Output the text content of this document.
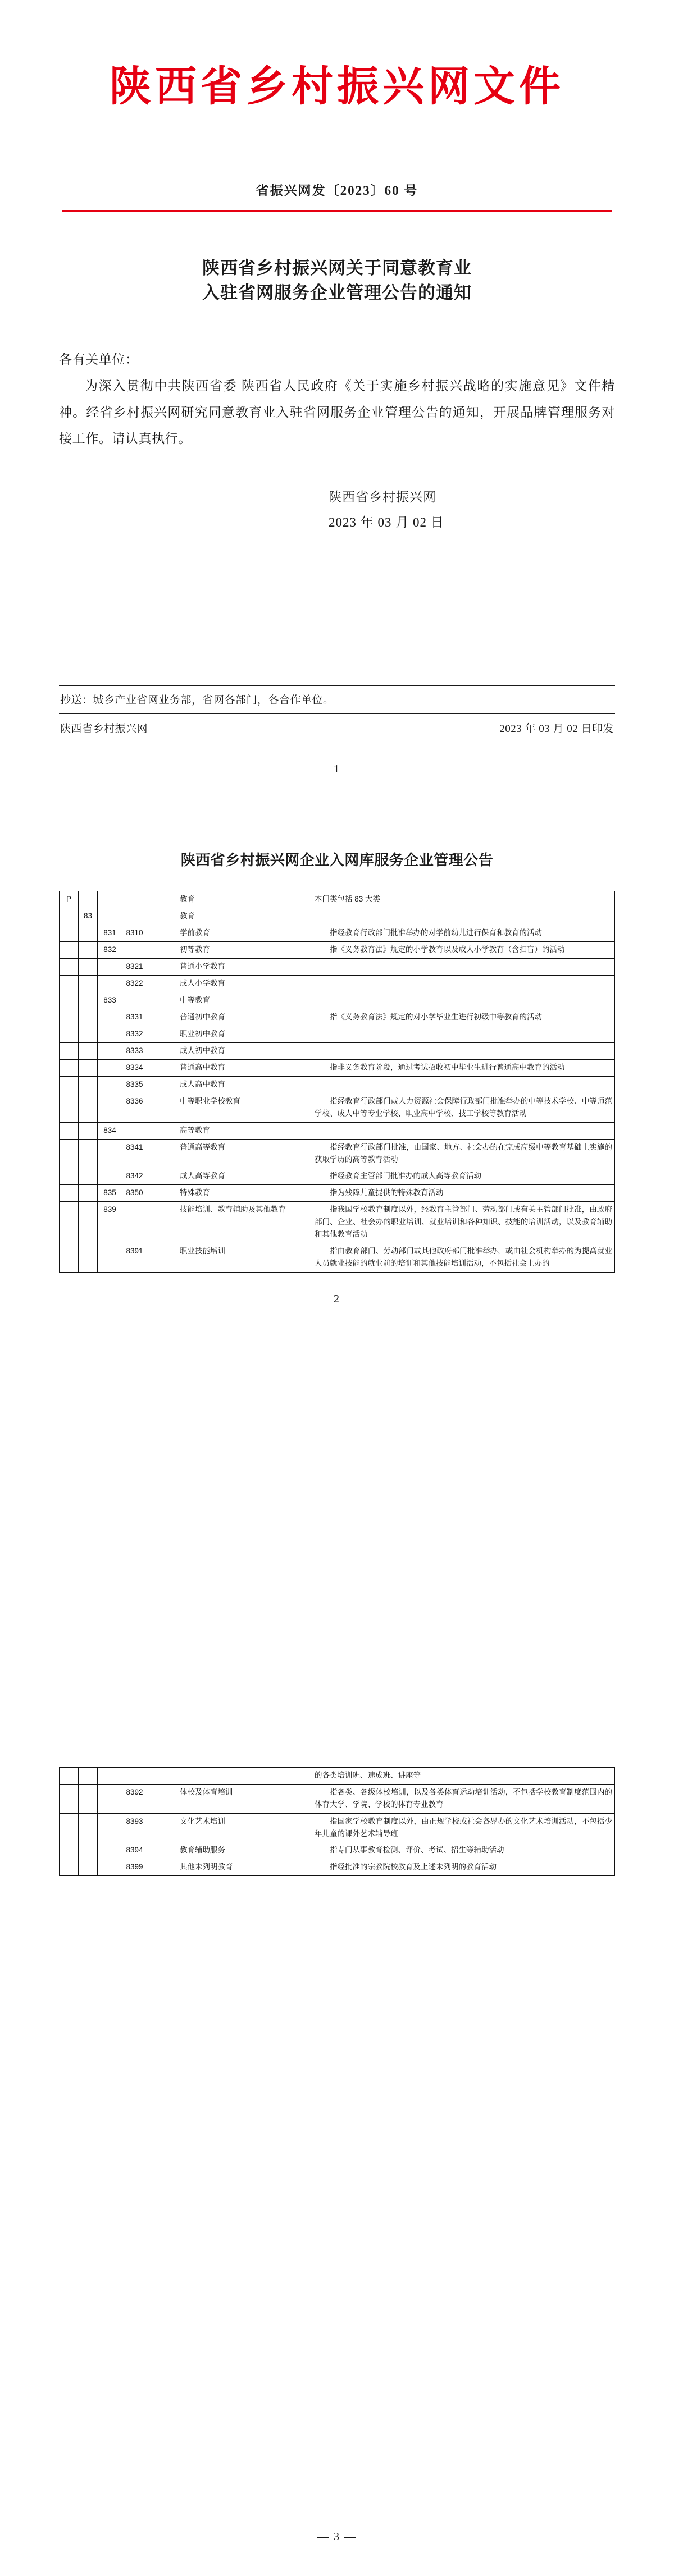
陕西省乡村振兴网文件
省振兴网发〔2023〕60 号
陕西省乡村振兴网关于同意教育业
入驻省网服务企业管理公告的通知
各有关单位：
为深入贯彻中共陕西省委 陕西省人民政府《关于实施乡村振兴战略的实施意见》文件精神。经省乡村振兴网研究同意教育业入驻省网服务企业管理公告的通知，开展品牌管理服务对接工作。请认真执行。
陕西省乡村振兴网
2023 年 03 月 02 日
抄送：城乡产业省网业务部，省网各部门，各合作单位。
陕西省乡村振兴网	2023 年 03 月 02 日印发
— 1 —
陕西省乡村振兴网企业入网库服务企业管理公告
P					教育	本门类包括 83 大类
	83				教育	
		831	8310		学前教育	指经教育行政部门批准举办的对学前幼儿进行保育和教育的活动
		832			初等教育	指《义务教育法》规定的小学教育以及成人小学教育（含扫盲）的活动
			8321		普通小学教育	
			8322		成人小学教育	
		833			中等教育	
			8331		普通初中教育	指《义务教育法》规定的对小学毕业生进行初级中等教育的活动
			8332		职业初中教育	
			8333		成人初中教育	
			8334		普通高中教育	指非义务教育阶段，通过考试招收初中毕业生进行普通高中教育的活动
			8335		成人高中教育	
			8336		中等职业学校教育	指经教育行政部门或人力资源社会保障行政部门批准举办的中等技术学校、中等师范学校、成人中等专业学校、职业高中学校、技工学校等教育活动
		834			高等教育	
			8341		普通高等教育	指经教育行政部门批准，由国家、地方、社会办的在完成高级中等教育基础上实施的获取学历的高等教育活动
			8342		成人高等教育	指经教育主管部门批准办的成人高等教育活动
		835	8350		特殊教育	指为残障儿童提供的特殊教育活动
		839			技能培训、教育辅助及其他教育	指我国学校教育制度以外，经教育主管部门、劳动部门或有关主管部门批准，由政府部门、企业、社会办的职业培训、就业培训和各种知识、技能的培训活动，以及教育辅助和其他教育活动
			8391		职业技能培训	指由教育部门、劳动部门或其他政府部门批准举办，或由社会机构举办的为提高就业人员就业技能的就业前的培训和其他技能培训活动，不包括社会上办的
— 2 —
						的各类培训班、速成班、讲座等
			8392		体校及体育培训	指各类、各级体校培训，以及各类体育运动培训活动，不包括学校教育制度范围内的体育大学、学院、学校的体育专业教育
			8393		文化艺术培训	指国家学校教育制度以外，由正规学校或社会各界办的文化艺术培训活动，不包括少年儿童的课外艺术辅导班
			8394		教育辅助服务	指专门从事教育检测、评价、考试、招生等辅助活动
			8399		其他未列明教育	指经批准的宗教院校教育及上述未列明的教育活动
— 3 —
